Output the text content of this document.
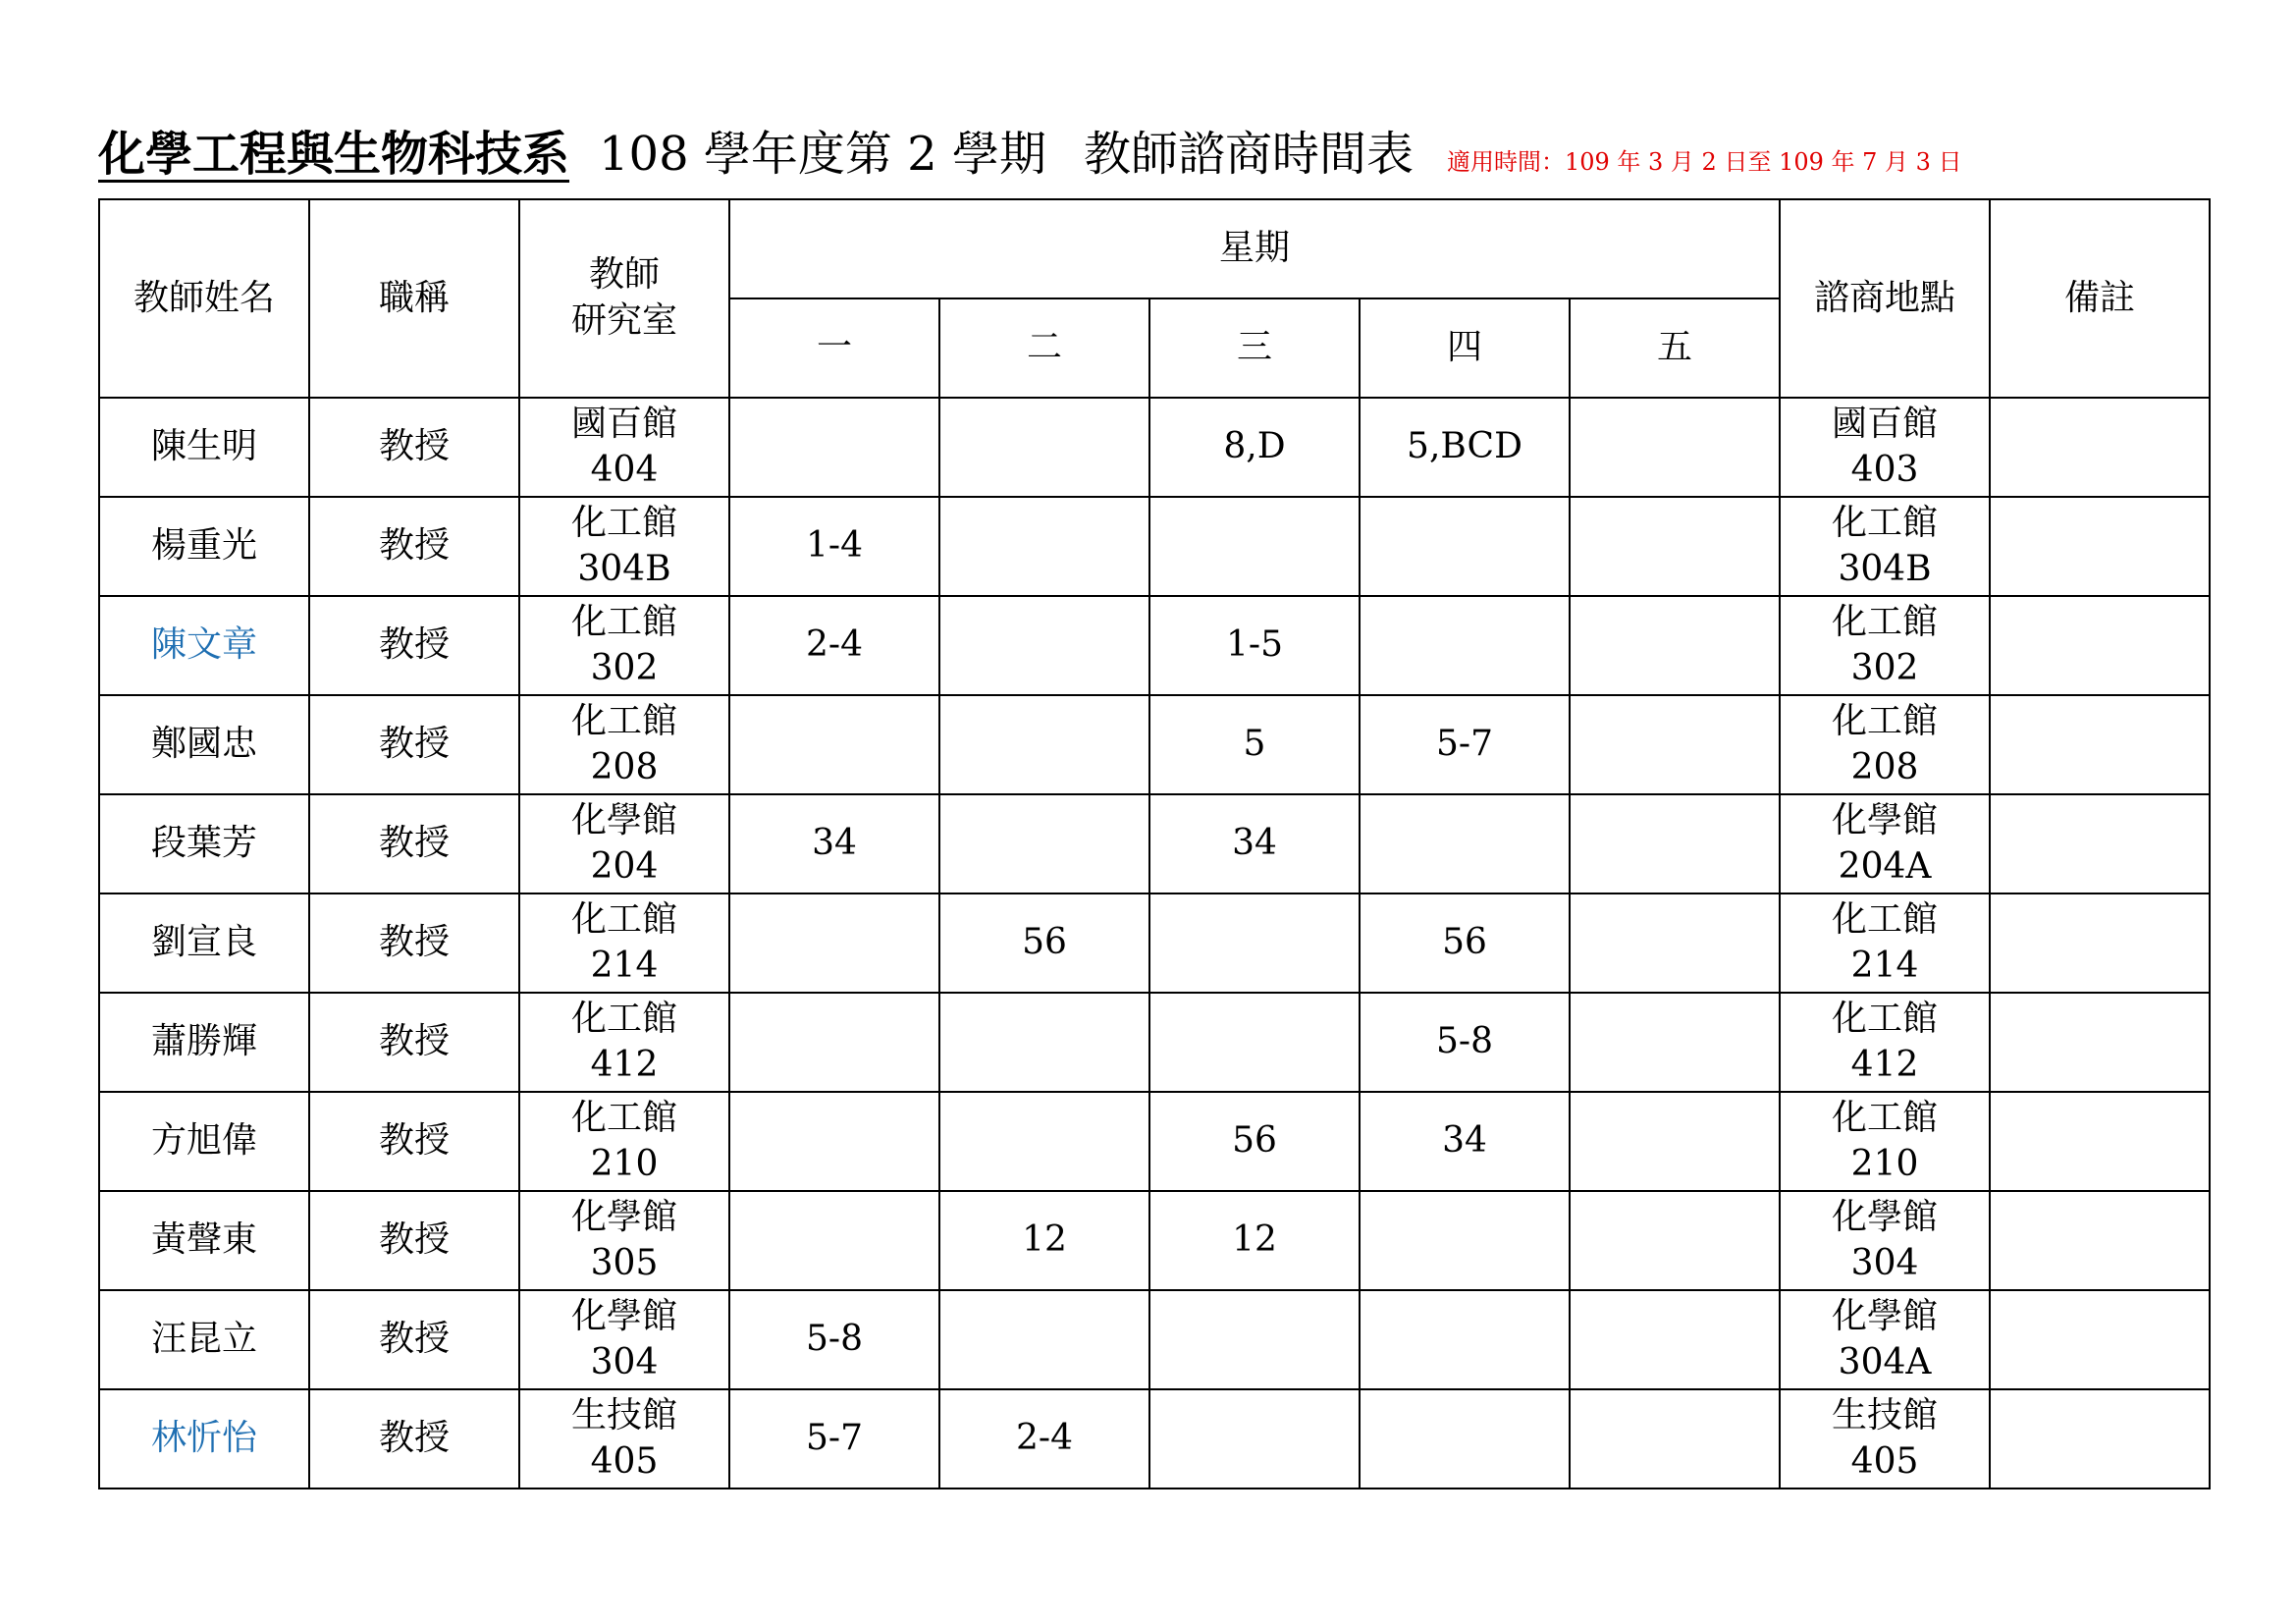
化學工程與生物科技系 108 學年度第 2 學期 教師諮商時間表 適用時間：109 年 3 月 2 日至 109 年 7 月 3 日
教師姓名	職稱	教師
研究室	星期					諮商地點	備註
			一	二	三	四	五		
陳生明	教授	國百館
404			8,D	5,BCD		國百館
403	

楊重光	教授	化工館
304B	1-4					化工館
304B	

陳文章	教授	化工館
302	2-4		1-5			化工館
302	

鄭國忠	教授	化工館
208			5	5-7		化工館
208	

段葉芳	教授	化學館
204	34		34			化學館
204A	

劉宣良	教授	化工館
214		56		56		化工館
214	

蕭勝輝	教授	化工館
412				5-8		化工館
412	

方旭偉	教授	化工館
210			56	34		化工館
210	

黃聲東	教授	化學館
305		12	12			化學館
304	

汪昆立	教授	化學館
304	5-8					化學館
304A	

林忻怡	教授	生技館
405	5-7	2-4				生技館
405	
